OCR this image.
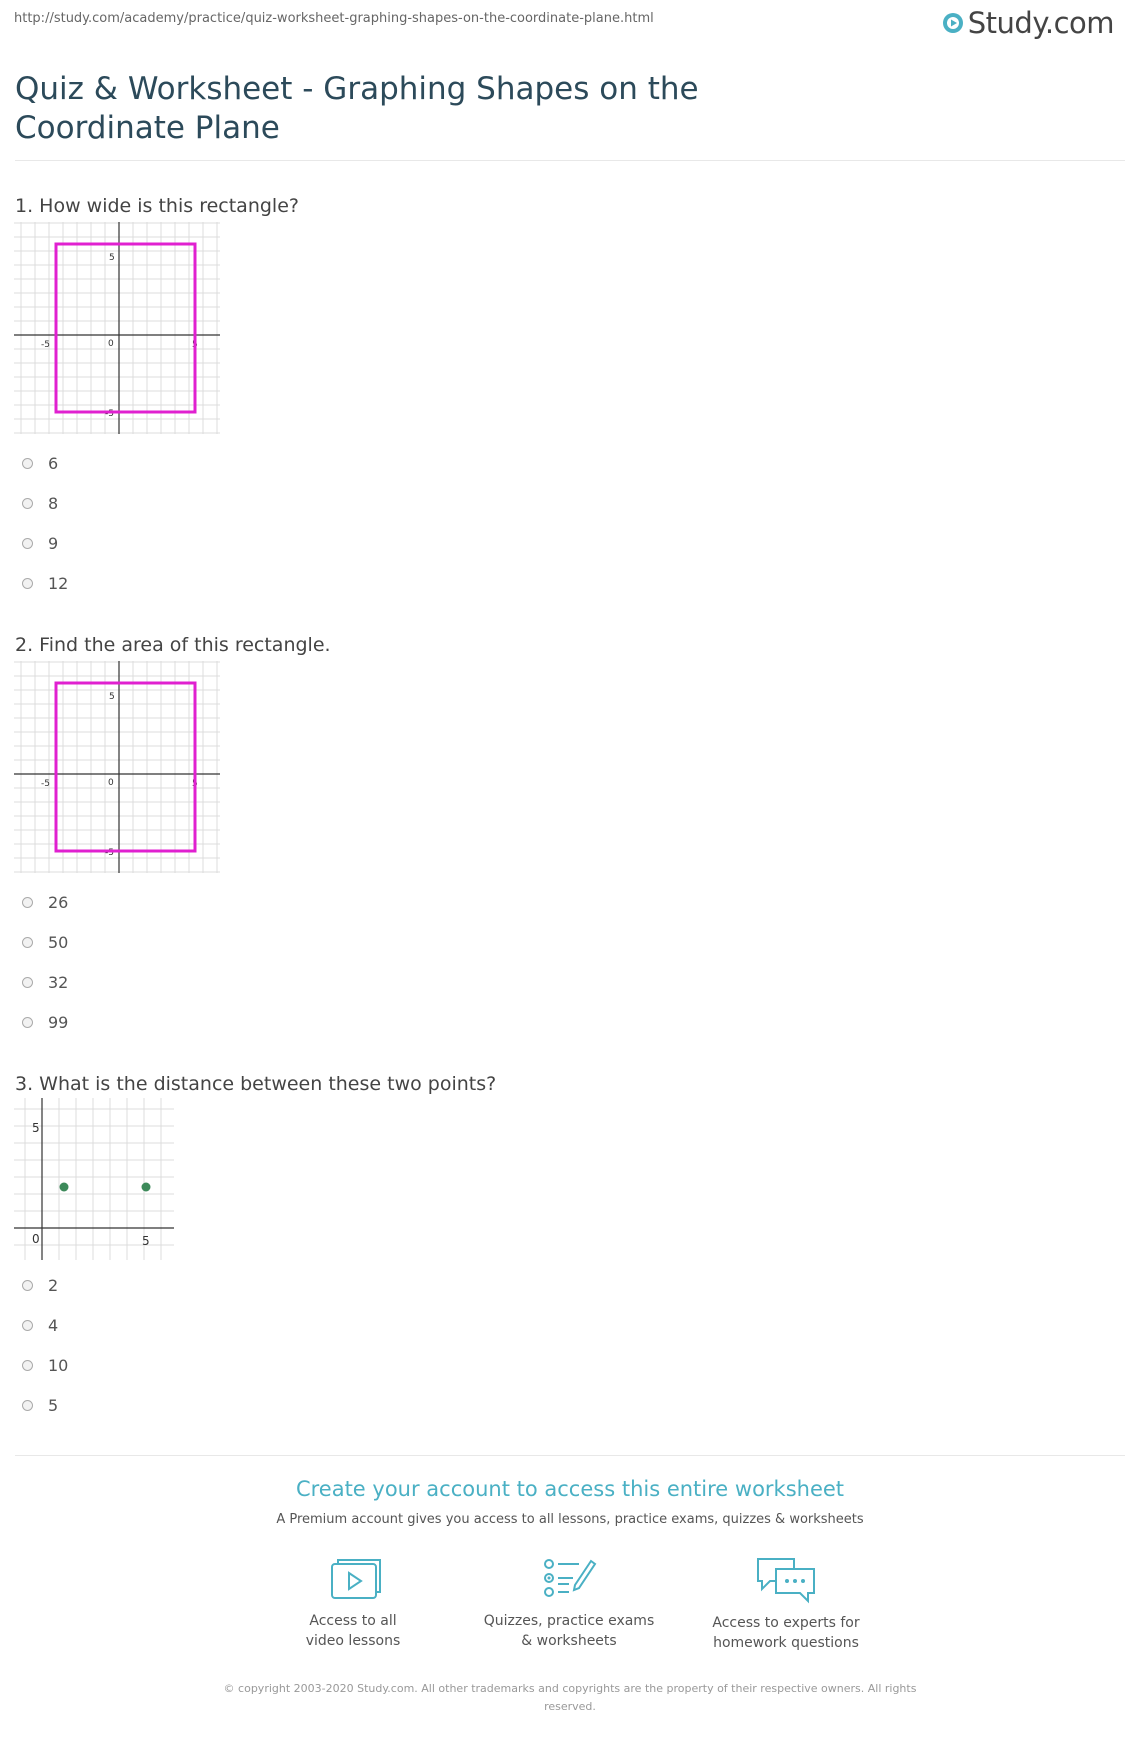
http://study.com/academy/practice/quiz-worksheet-graphing-shapes-on-the-coordinate-plane.html	Study.com
Quiz & Worksheet - Graphing Shapes on the Coordinate Plane
1. How wide is this rectangle?
-5	0
5
5
-5
6
8
9
12
2. Find the area of this rectangle.
-5	0
5
5
-5
26
50
32
99
3. What is the distance between these two points?
5
0	5
2
4
10
5
Create your account to access this entire worksheet
A Premium account gives you access to all lessons, practice exams, quizzes & worksheets
Access to all
video lessons
Quizzes, practice exams
& worksheets
Access to experts for
homework questions
© copyright 2003-2020 Study.com. All other trademarks and copyrights are the property of their respective owners. All rights
reserved.
